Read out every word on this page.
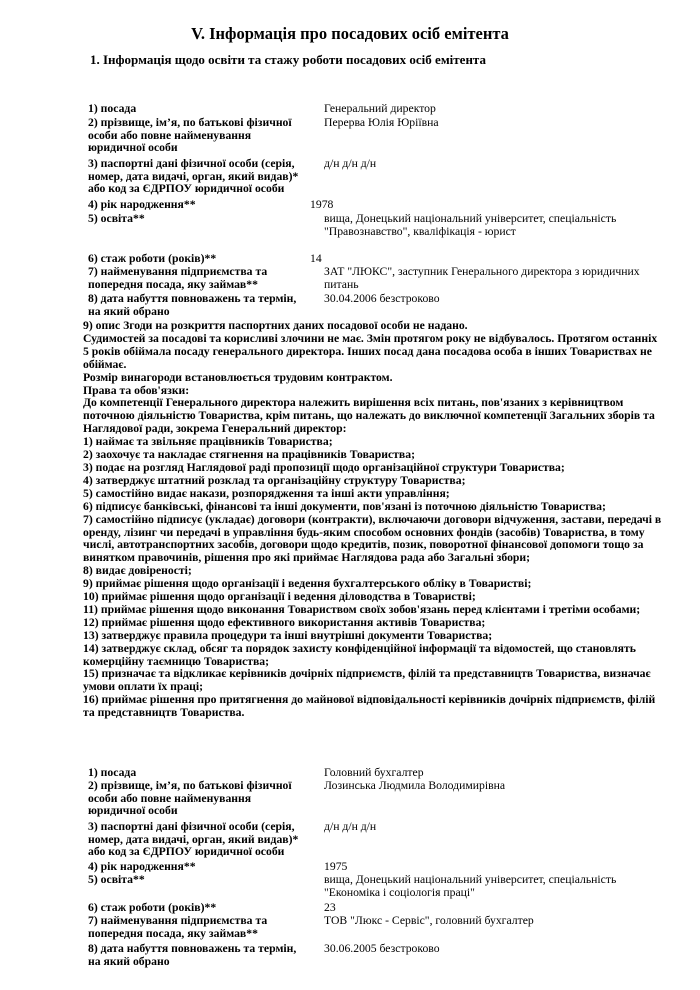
V. Інформація про посадових осіб емітента
1. Інформація щодо освіти та стажу роботи посадових осіб емітента
1) посада	Генеральний директор
2) прізвище, ім’я, по батькові фізичної особи або повне найменування юридичної особи
Перерва Юлія Юріївна
3) паспортні дані фізичної особи (серія, номер, дата видачі, орган, який видав)* або код за ЄДРПОУ юридичної особи
д/н д/н д/н
4) рік народження**	1978
5) освіта**	вища, Донецький національний університет, спеціальність "Правознавство", кваліфікація - юрист
6) стаж роботи (років)**	14
7) найменування підприємства та попередня посада, яку займав**
ЗАТ "ЛЮКС", заступник Генерального директора з юридичних питань
8) дата набуття повноважень та термін, на який обрано
30.04.2006 безстроково

9) опис Згоди на розкриття паспортних даних посадової особи не надано.

Судимостей за посадові та корисливі злочини не має. Змін протягом року не відбувалось. Протягом останніх 5 років обіймала посаду генерального директора. Інших посад дана посадова особа в інших Товариствах не обіймає.

Розмір винагороди встановлюється трудовим контрактом.

Права та обов'язки:

До компетенції Генерального директора належить вирішення всіх питань, пов'язаних з керівництвом поточною діяльністю Товариства, крім питань, що належать до виключної компетенції Загальних зборів та Наглядової ради, зокрема Генеральний директор:

1) наймає та звільняє працівників Товариства;

2) заохочує та накладає стягнення на працівників Товариства;

3) подає на розгляд Наглядової раді пропозиції щодо організаційної структури Товариства;

4) затверджує штатний розклад та організаційну структуру Товариства;

5) самостійно видає накази, розпорядження та інші акти управління;

6) підписує банківські, фінансові та інші документи, пов'язані із поточною діяльністю Товариства;

7) самостійно підписує (укладає) договори (контракти), включаючи договори відчуження, застави, передачі в оренду, лізинг чи передачі в управління будь-яким способом основних фондів (засобів) Товариства, в тому числі, автотранспортних засобів, договори щодо кредитів, позик, поворотної фінансової допомоги тощо за винятком правочинів, рішення про які приймає Наглядова рада або Загальні збори;

8) видає довіреності;

9) приймає рішення щодо організації і ведення бухгалтерського обліку в Товаристві;

10) приймає рішення щодо організації і ведення діловодства в Товаристві;

11) приймає рішення щодо виконання Товариством своїх зобов'язань перед клієнтами і третіми особами;

12) приймає рішення щодо ефективного використання активів Товариства;

13) затверджує правила процедури та інші внутрішні документи Товариства;

14) затверджує склад, обсяг та порядок захисту конфіденційної інформації та відомостей, що становлять комерційну таємницю Товариства;

15) призначає та відкликає керівників дочірніх підприємств, філій та представництв Товариства, визначає умови оплати їх праці;

16) приймає рішення про притягнення до майнової відповідальності керівників дочірніх підприємств, філій та представництв Товариства.

1) посада	Головний бухгалтер
2) прізвище, ім’я, по батькові фізичної особи або повне найменування юридичної особи
Лозинська Людмила Володимирівна
3) паспортні дані фізичної особи (серія, номер, дата видачі, орган, який видав)* або код за ЄДРПОУ юридичної особи
д/н д/н д/н
4) рік народження**	1975
5) освіта**	вища, Донецький національний університет, спеціальність "Економіка і соціологія праці"
6) стаж роботи (років)**	23
7) найменування підприємства та попередня посада, яку займав**
ТОВ "Люкс - Сервіс", головний бухгалтер
8) дата набуття повноважень та термін, на який обрано
30.06.2005 безстроково
